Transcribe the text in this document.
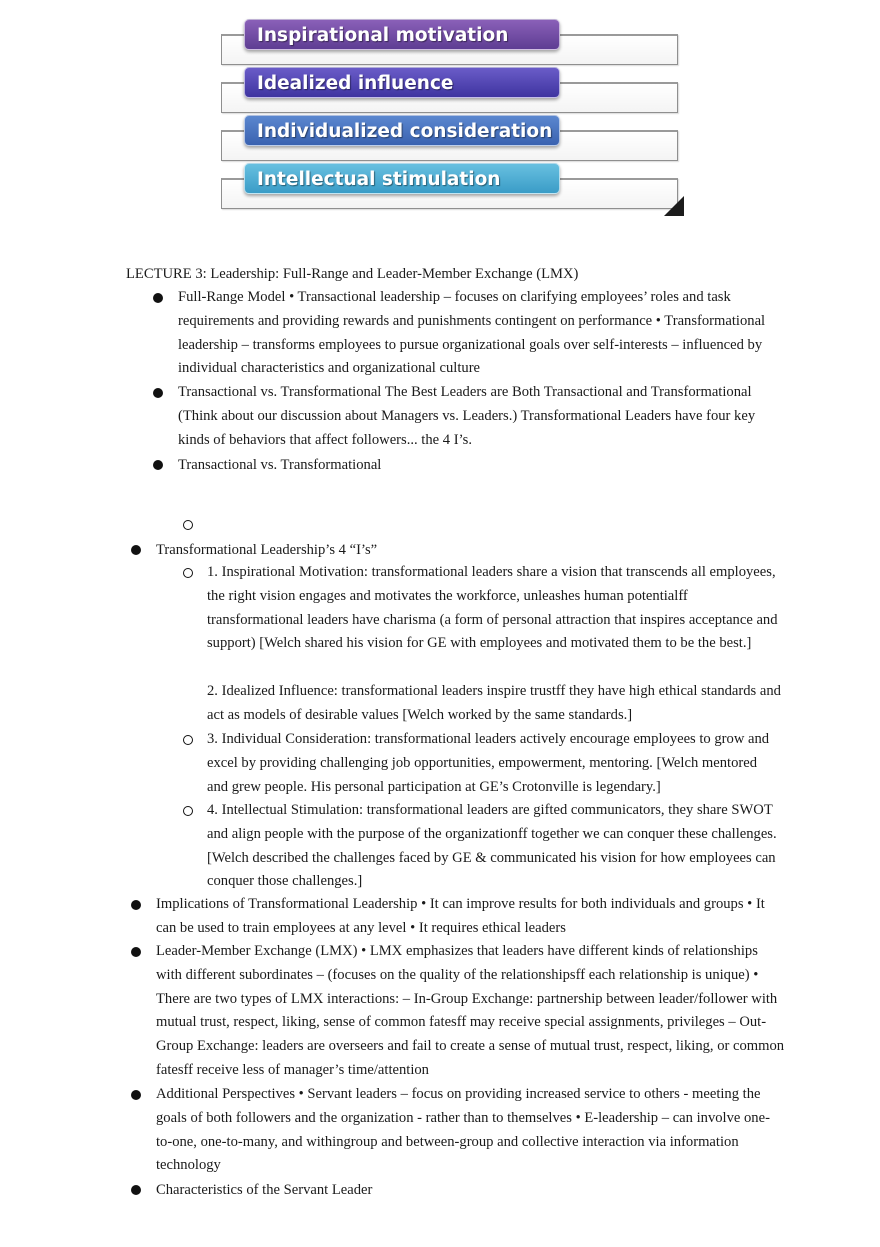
Inspirational motivation
Idealized influence
Individualized consideration
Intellectual stimulation
LECTURE 3: Leadership: Full-Range and Leader-Member Exchange (LMX)
Full-Range Model • Transactional leadership – focuses on clarifying employees’ roles and task requirements and providing rewards and punishments contingent on performance • Transformational leadership – transforms employees to pursue organizational goals over self-interests – influenced by individual characteristics and organizational culture
Transactional vs. Transformational The Best Leaders are Both Transactional and Transformational (Think about our discussion about Managers vs. Leaders.) Transformational Leaders have four key kinds of behaviors that affect followers... the 4 I’s.
Transactional vs. Transformational
Transformational Leadership’s 4 “I’s”
1. Inspirational Motivation: transformational leaders share a vision that transcends all employees, the right vision engages and motivates the workforce, unleashes human potentialff transformational leaders have charisma (a form of personal attraction that inspires acceptance and support) [Welch shared his vision for GE with employees and motivated them to be the best.]
2. Idealized Influence: transformational leaders inspire trustff they have high ethical standards and act as models of desirable values [Welch worked by the same standards.]
3. Individual Consideration: transformational leaders actively encourage employees to grow and excel by providing challenging job opportunities, empowerment, mentoring. [Welch mentored and grew people. His personal participation at GE’s Crotonville is legendary.]
4. Intellectual Stimulation: transformational leaders are gifted communicators, they share SWOT and align people with the purpose of the organizationff together we can conquer these challenges. [Welch described the challenges faced by GE & communicated his vision for how employees can conquer those challenges.]
Implications of Transformational Leadership • It can improve results for both individuals and groups • It can be used to train employees at any level • It requires ethical leaders
Leader-Member Exchange (LMX) • LMX emphasizes that leaders have different kinds of relationships with different subordinates – (focuses on the quality of the relationshipsff each relationship is unique) • There are two types of LMX interactions: – In-Group Exchange: partnership between leader/follower with mutual trust, respect, liking, sense of common fatesff may receive special assignments, privileges – Out-Group Exchange: leaders are overseers and fail to create a sense of mutual trust, respect, liking, or common fatesff receive less of manager’s time/attention
Additional Perspectives • Servant leaders – focus on providing increased service to others - meeting the goals of both followers and the organization - rather than to themselves • E-leadership – can involve one-to-one, one-to-many, and withingroup and between-group and collective interaction via information technology
Characteristics of the Servant Leader
